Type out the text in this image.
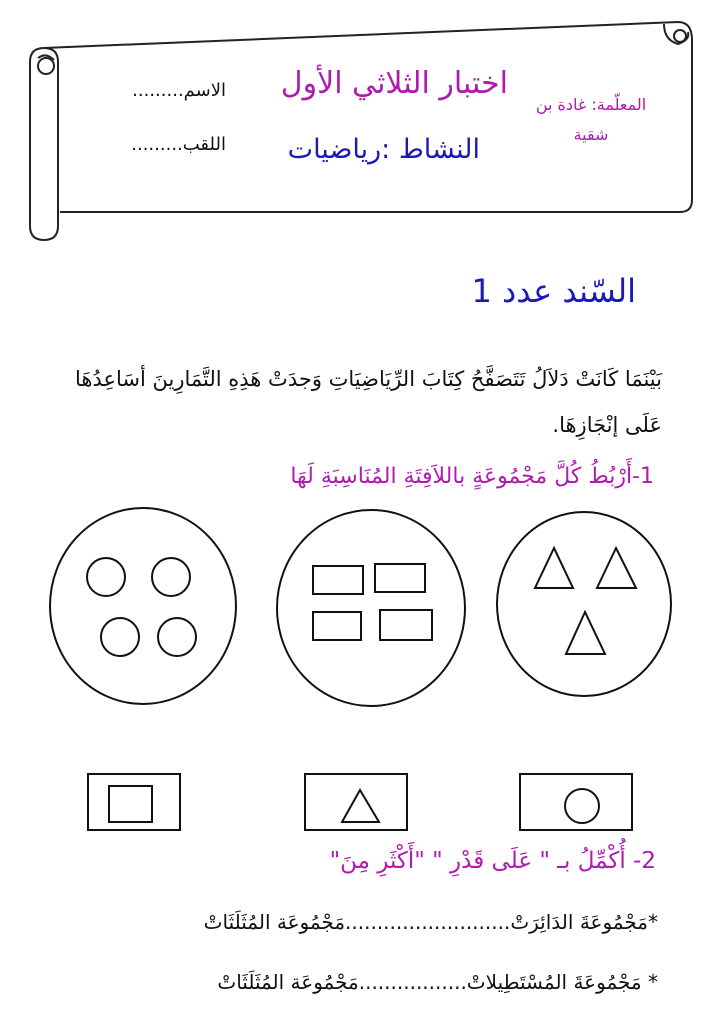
اختبار الثلاثي الأول
المعلّمة: غادة بن شقية
النشاط :رياضيات
الاسم.........
اللقب.........
السّند عدد 1
بَيْنَمَا كَانَتْ دَلاَلُ تَتَصَفَّحُ كِتَابَ الرِّيَاضِيَاتِ وَجدَتْ هَذِهِ التَّمَارِينَ أسَاعِدُهَا عَلَى إنْجَازِهَا.
1-أَرْبُطُ كُلَّ مَجْمُوعَةٍ باللاَفِتَةِ المُنَاسِبَةِ لَهَا
2- أُكْمِّلُ بـ " عَلَى قَدْرِ " "أَكْثَرِ مِنَ"
*مَجْمُوعَةَ الدَائِرَتْ..........................مَجْمُوعَة المُثَلَثَاتْ
* مَجْمُوعَةَ المُسْتَطِيلاتْ.................مَجْمُوعَة المُثَلَثَاتْ
